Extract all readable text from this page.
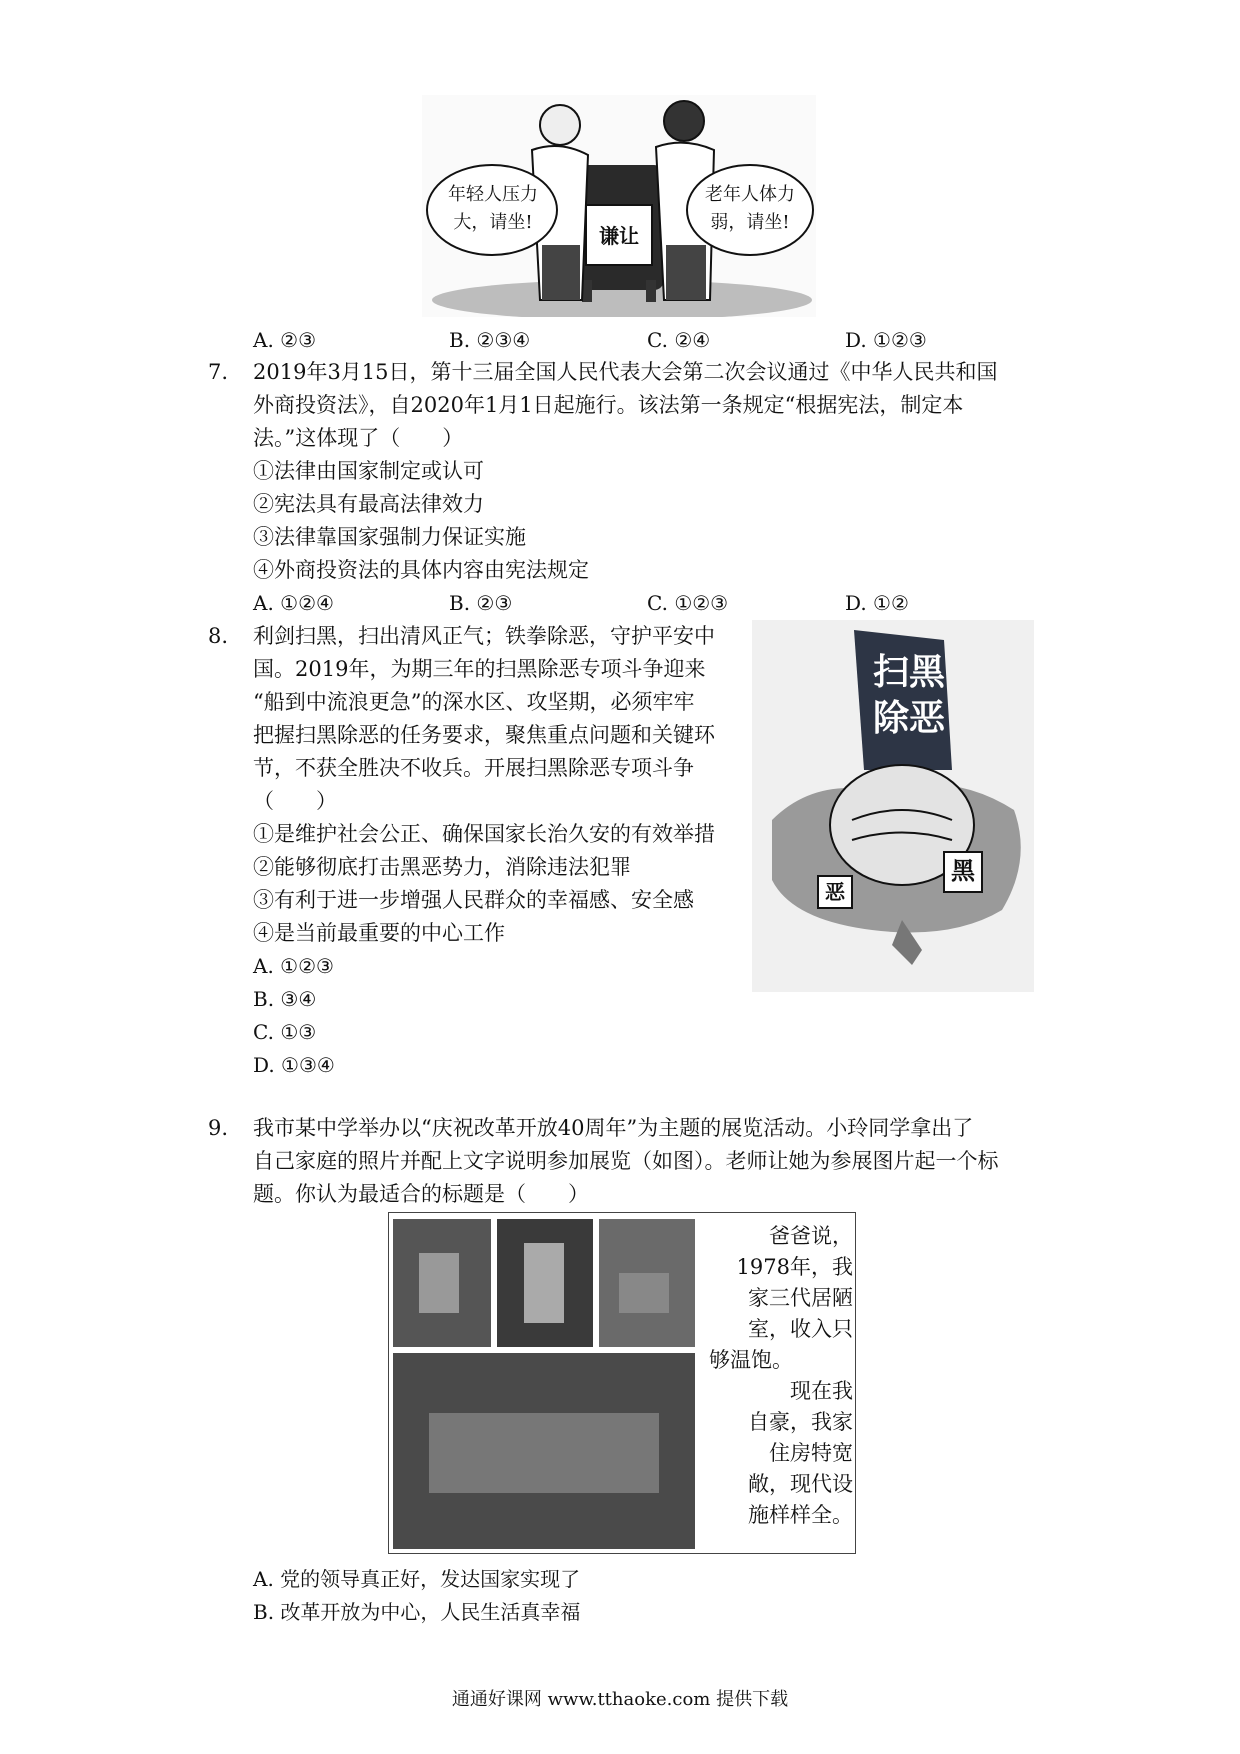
年轻人压力
大，请坐!
老年人体力
弱，请坐!
谦让
A. ②③	B. ②③④	C. ②④	D. ①②③
7. 2019年3月15日，第十三届全国人民代表大会第二次会议通过《中华人民共和国
外商投资法》，自2020年1月1日起施行。该法第一条规定“根据宪法，制定本
法。”这体现了（　　）
①法律由国家制定或认可
②宪法具有最高法律效力
③法律靠国家强制力保证实施
④外商投资法的具体内容由宪法规定
A. ①②④	B. ②③	C. ①②③	D. ①②
8. 利剑扫黑，扫出清风正气；铁拳除恶，守护平安中
国。2019年，为期三年的扫黑除恶专项斗争迎来
“船到中流浪更急”的深水区、攻坚期，必须牢牢
把握扫黑除恶的任务要求，聚焦重点问题和关键环
节，不获全胜决不收兵。开展扫黑除恶专项斗争
（　　）
①是维护社会公正、确保国家长治久安的有效举措
②能够彻底打击黑恶势力，消除违法犯罪
③有利于进一步增强人民群众的幸福感、安全感
④是当前最重要的中心工作
A. ①②③
B. ③④
C. ①③
D. ①③④
扫黑
除恶
黑
恶
9. 我市某中学举办以“庆祝改革开放40周年”为主题的展览活动。小玲同学拿出了
自己家庭的照片并配上文字说明参加展览（如图）。老师让她为参展图片起一个标
题。你认为最适合的标题是（　　）
爸爸说，
1978年，我
家三代居陋
室，收入只
够温饱。
现在我
自豪，我家
住房特宽
敞，现代设
施样样全。
A. 党的领导真正好，发达国家实现了
B. 改革开放为中心，人民生活真幸福
通通好课网 www.tthaoke.com 提供下载
